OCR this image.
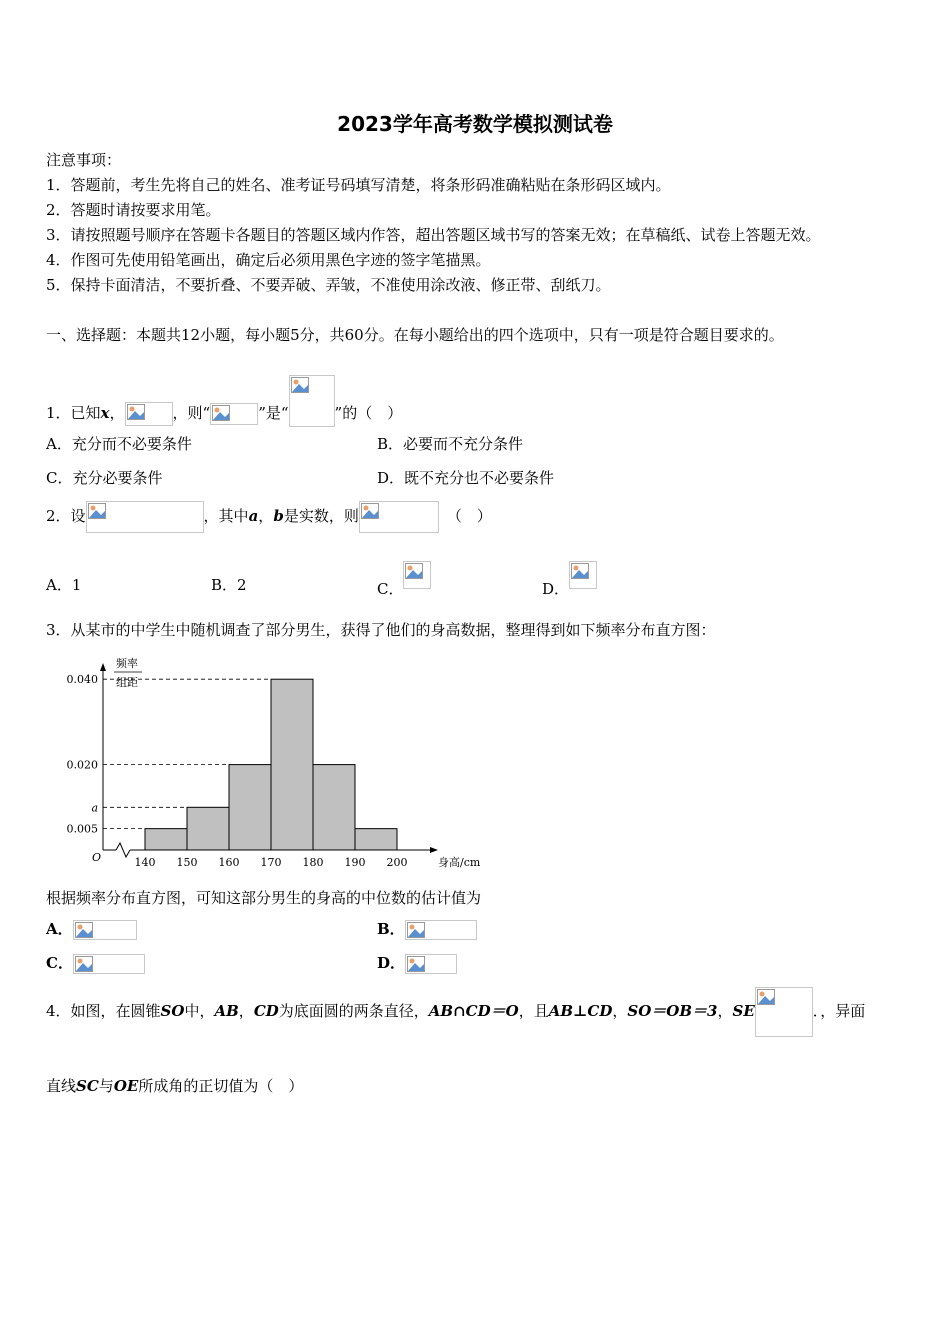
2023学年高考数学模拟测试卷
注意事项：
1．答题前，考生先将自己的姓名、准考证号码填写清楚，将条形码准确粘贴在条形码区域内。
2．答题时请按要求用笔。
3．请按照题号顺序在答题卡各题目的答题区域内作答，超出答题区域书写的答案无效；在草稿纸、试卷上答题无效。
4．作图可先使用铅笔画出，确定后必须用黑色字迹的签字笔描黑。
5．保持卡面清洁，不要折叠、不要弄破、弄皱，不准使用涂改液、修正带、刮纸刀。
一、选择题：本题共12小题，每小题5分，共60分。在每小题给出的四个选项中，只有一项是符合题目要求的。
1．已知x，	，则“	”是“	”的（　）
A．充分而不必要条件	B．必要而不充分条件
C．充分必要条件	D．既不充分也不必要条件
2．设	，其中a，b是实数，则	（　）
A．1	B．2	C．	D．
3．从某市的中学生中随机调查了部分男生，获得了他们的身高数据，整理得到如下频率分布直方图：
0.040
0.020
a
0.005
140 150 160 170 180 190 200
频率
组距
O	身高/cm
根据频率分布直方图，可知这部分男生的身高的中位数的估计值为
A．	B．
C．	D．
4．如图，在圆锥SO中，AB，CD为底面圆的两条直径，AB∩CD＝O，且AB⊥CD，SO＝OB＝3，SE	．，异面
直线SC与OE所成角的正切值为（　）
